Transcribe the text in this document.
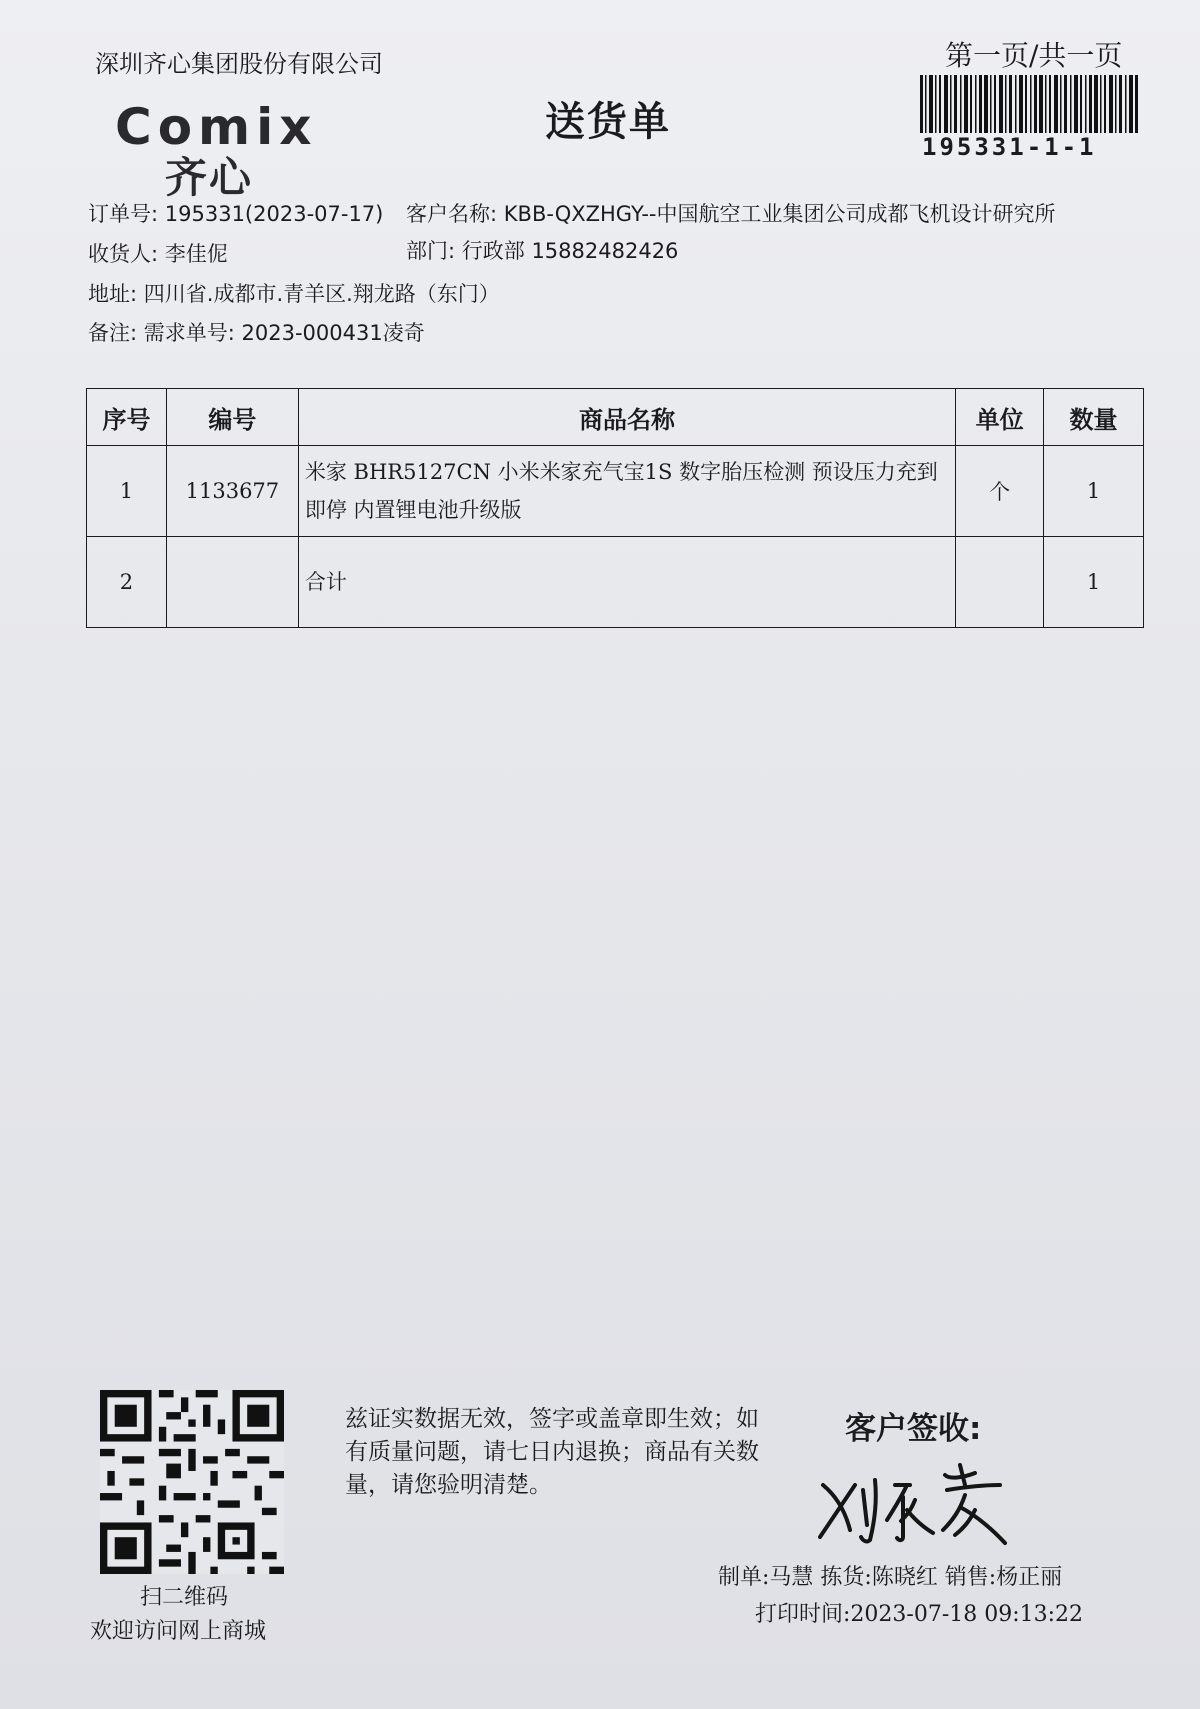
深圳齐心集团股份有限公司	第一页/共一页
195331-1-1
Comix
齐心
送货单
订单号: 195331(2023-07-17) 客户名称: KBB-QXZHGY--中国航空工业集团公司成都飞机设计研究所
收货人: 李佳伲	部门: 行政部 15882482426
地址: 四川省.成都市.青羊区.翔龙路（东门）
备注: 需求单号: 2023-000431凌奇
序号	编号	商品名称	单位	数量
1	1133677	米家 BHR5127CN 小米米家充气宝1S 数字胎压检测 预设压力充到即停 内置锂电池升级版	个	1
2		合计		1
扫二维码
欢迎访问网上商城
兹证实数据无效，签字或盖章即生效；如有质量问题，请七日内退换；商品有关数量，请您验明清楚。
客户签收:
制单:马慧 拣货:陈晓红 销售:杨正丽
打印时间:2023-07-18 09:13:22
